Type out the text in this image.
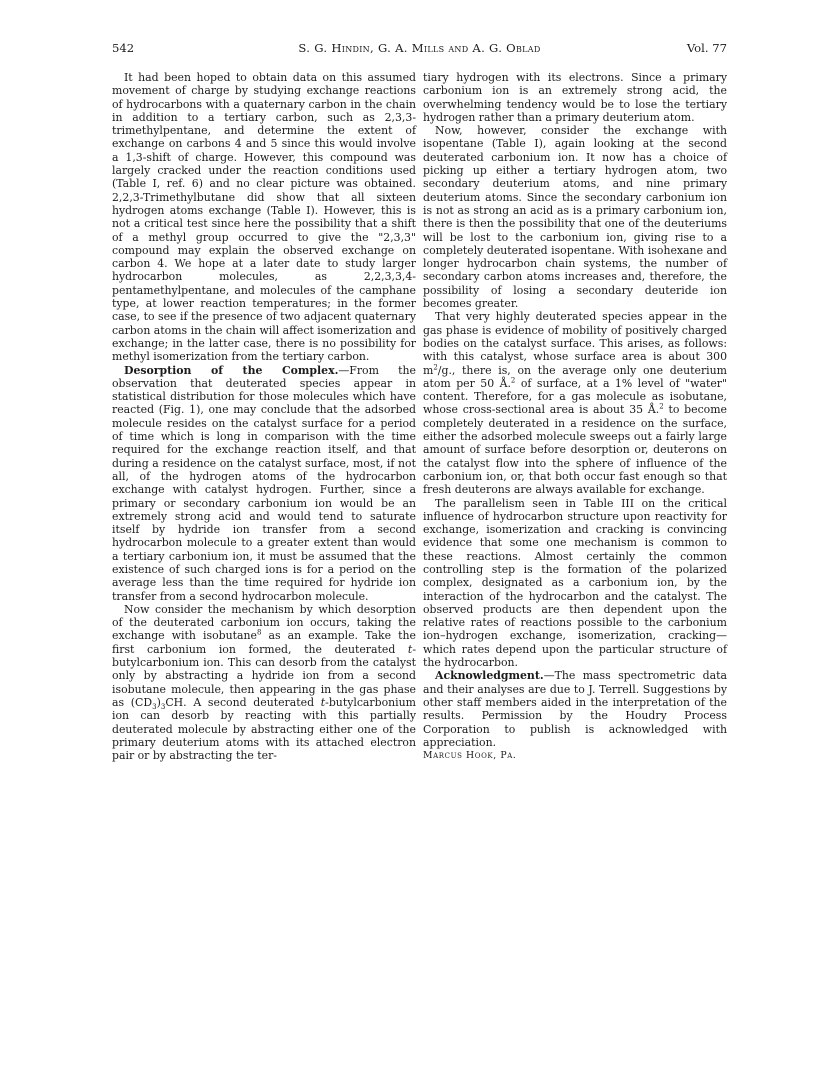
542	S. G. Hindin, G. A. Mills and A. G. Oblad	Vol. 77

It had been hoped to obtain data on this assumed movement of charge by studying exchange reactions of hydrocarbons with a quaternary carbon in the chain in addition to a tertiary carbon, such as 2,3,3-trimethylpentane, and determine the extent of exchange on carbons 4 and 5 since this would involve a 1,3-shift of charge. However, this compound was largely cracked under the reaction conditions used (Table I, ref. 6) and no clear picture was obtained. 2,2,3-Trimethylbutane did show that all sixteen hydrogen atoms exchange (Table I). However, this is not a critical test since here the possibility that a shift of a methyl group occurred to give the "2,3,3" compound may explain the observed exchange on carbon 4. We hope at a later date to study larger hydrocarbon molecules, as 2,2,3,3,4-pentamethylpentane, and molecules of the camphane type, at lower reaction temperatures; in the former case, to see if the presence of two adjacent quaternary carbon atoms in the chain will affect isomerization and exchange; in the latter case, there is no possibility for methyl isomerization from the tertiary carbon.

Desorption of the Complex.—From the observation that deuterated species appear in statistical distribution for those molecules which have reacted (Fig. 1), one may conclude that the adsorbed molecule resides on the catalyst surface for a period of time which is long in comparison with the time required for the exchange reaction itself, and that during a residence on the catalyst surface, most, if not all, of the hydrogen atoms of the hydrocarbon exchange with catalyst hydrogen. Further, since a primary or secondary carbonium ion would be an extremely strong acid and would tend to saturate itself by hydride ion transfer from a second hydrocarbon molecule to a greater extent than would a tertiary carbonium ion, it must be assumed that the existence of such charged ions is for a period on the average less than the time required for hydride ion transfer from a second hydrocarbon molecule.

Now consider the mechanism by which desorption of the deuterated carbonium ion occurs, taking the exchange with isobutane$^8$ as an example. Take the first carbonium ion formed, the deuterated t-butylcarbonium ion. This can desorb from the catalyst only by abstracting a hydride ion from a second isobutane molecule, then appearing in the gas phase as $(CD_3)_3CH$. A second deuterated t-butylcarbonium ion can desorb by reacting with this partially deuterated molecule by abstracting either one of the primary deuterium atoms with its attached electron pair or by abstracting the ter-

tiary hydrogen with its electrons. Since a primary carbonium ion is an extremely strong acid, the overwhelming tendency would be to lose the tertiary hydrogen rather than a primary deuterium atom.

Now, however, consider the exchange with isopentane (Table I), again looking at the second deuterated carbonium ion. It now has a choice of picking up either a tertiary hydrogen atom, two secondary deuterium atoms, and nine primary deuterium atoms. Since the secondary carbonium ion is not as strong an acid as is a primary carbonium ion, there is then the possibility that one of the deuteriums will be lost to the carbonium ion, giving rise to a completely deuterated isopentane. With isohexane and longer hydrocarbon chain systems, the number of secondary carbon atoms increases and, therefore, the possibility of losing a secondary deuteride ion becomes greater.

That very highly deuterated species appear in the gas phase is evidence of mobility of positively charged bodies on the catalyst surface. This arises, as follows: with this catalyst, whose surface area is about 300 $m^2/g$., there is, on the average only one deuterium atom per 50 Å.$^2$ of surface, at a 1% level of "water" content. Therefore, for a gas molecule as isobutane, whose cross-sectional area is about 35 Å.$^2$ to become completely deuterated in a residence on the surface, either the adsorbed molecule sweeps out a fairly large amount of surface before desorption or, deuterons on the catalyst flow into the sphere of influence of the carbonium ion, or, that both occur fast enough so that fresh deuterons are always available for exchange.

The parallelism seen in Table III on the critical influence of hydrocarbon structure upon reactivity for exchange, isomerization and cracking is convincing evidence that some one mechanism is common to these reactions. Almost certainly the common controlling step is the formation of the polarized complex, designated as a carbonium ion, by the interaction of the hydrocarbon and the catalyst. The observed products are then dependent upon the relative rates of reactions possible to the carbonium ion–hydrogen exchange, isomerization, cracking—which rates depend upon the particular structure of the hydrocarbon.

Acknowledgment.—The mass spectrometric data and their analyses are due to J. Terrell. Suggestions by other staff members aided in the interpretation of the results. Permission by the Houdry Process Corporation to publish is acknowledged with appreciation.

Marcus Hook, Pa.
